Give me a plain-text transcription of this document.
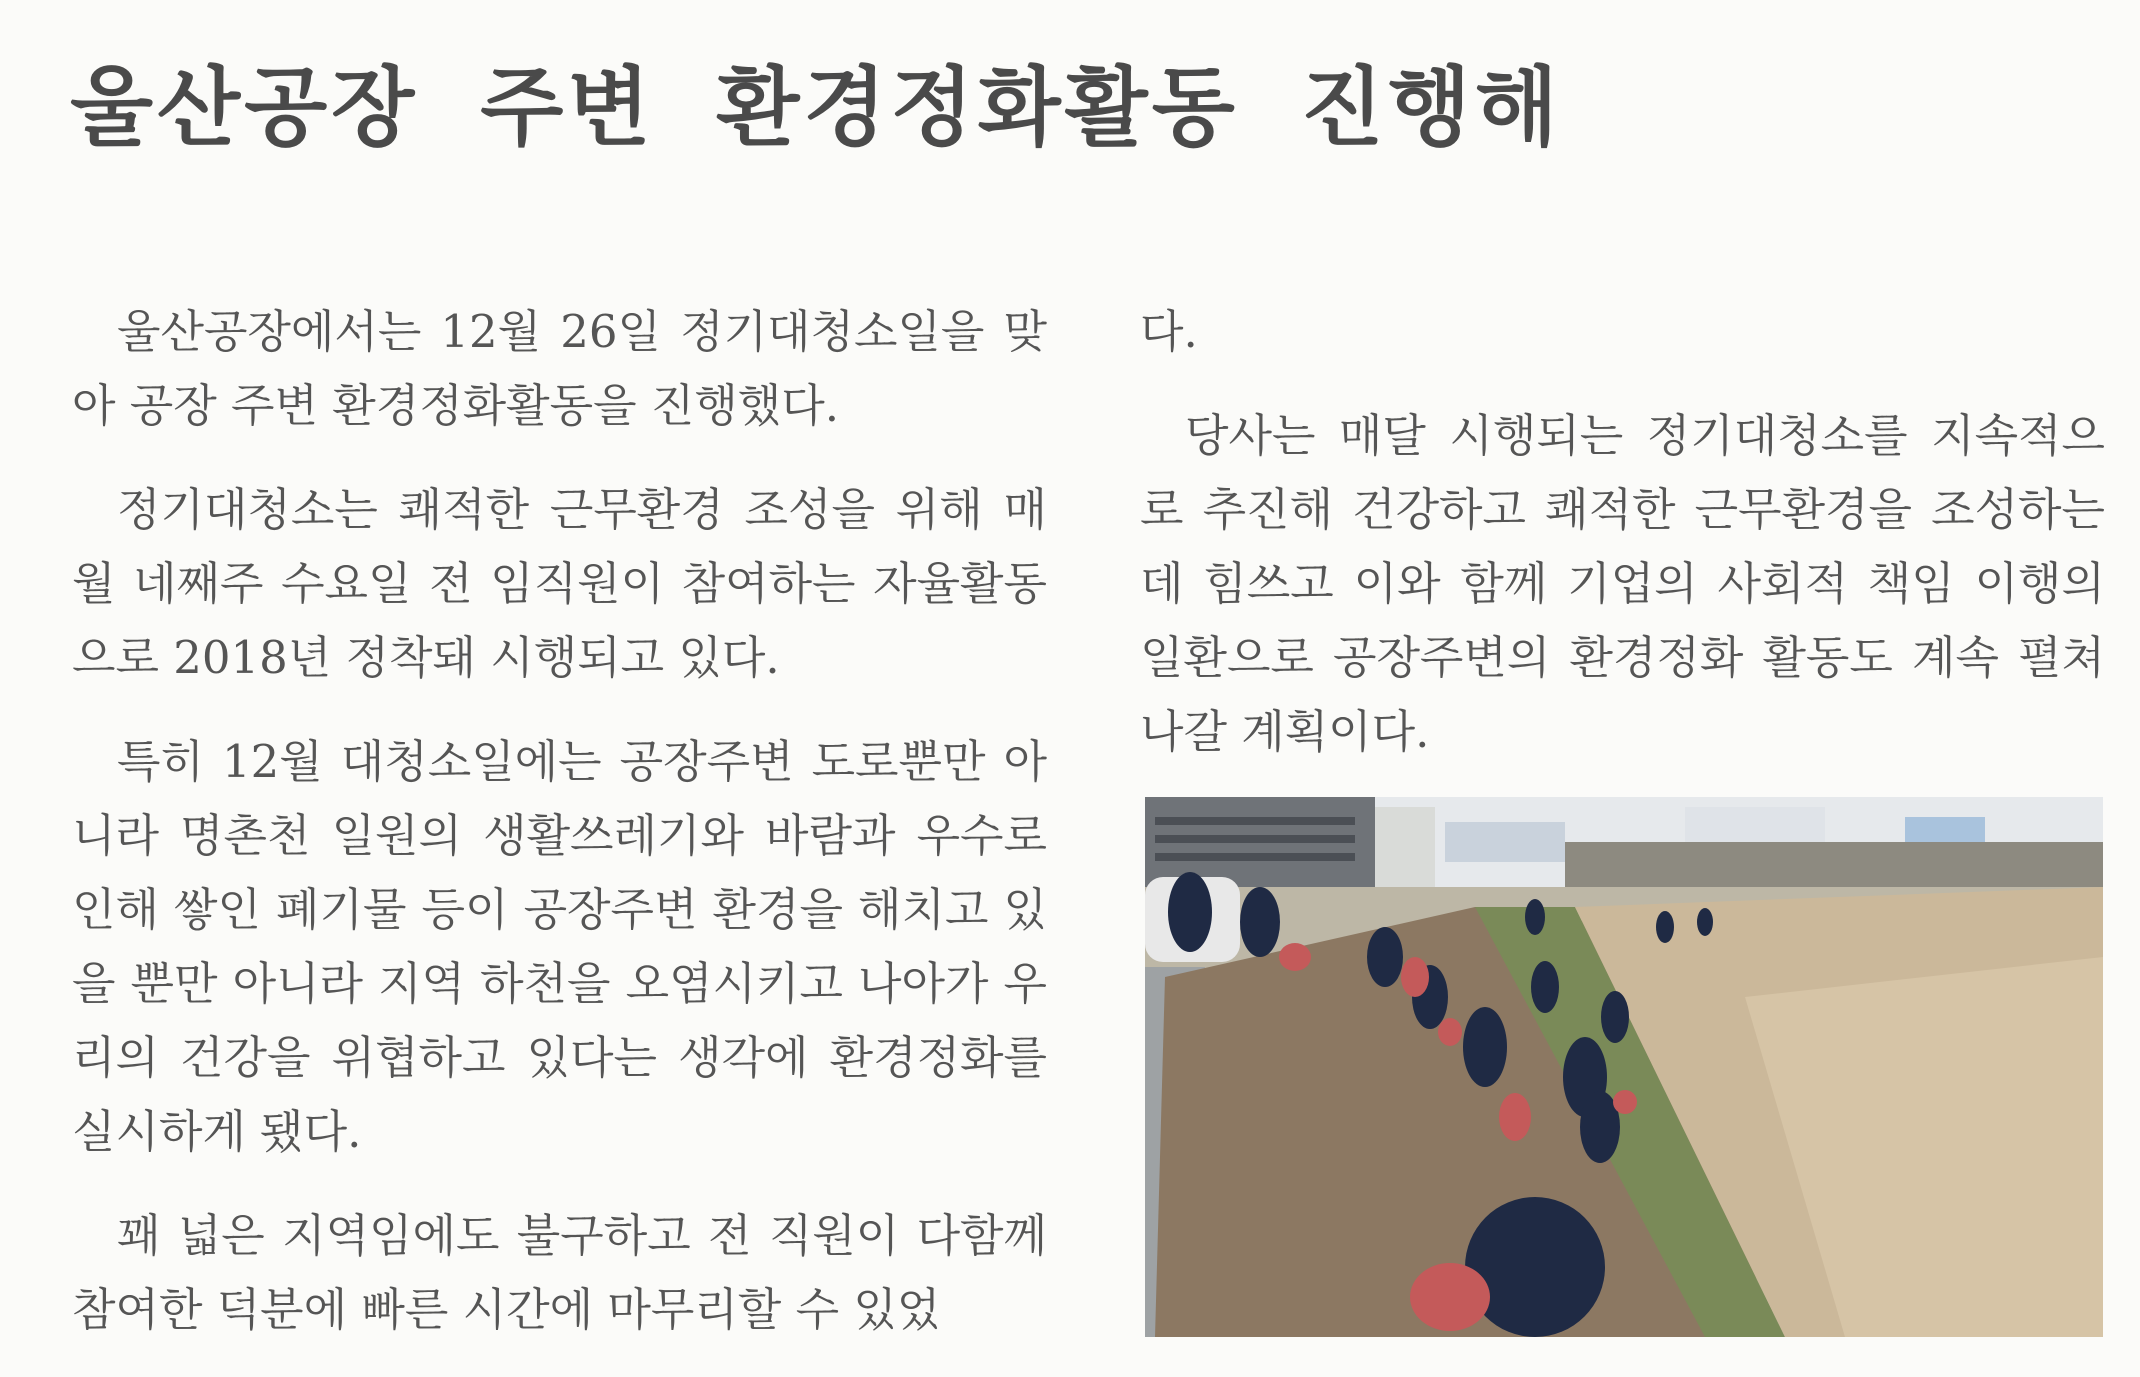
울산공장 주변 환경정화활동 진행해

울산공장에서는 12월 26일 정기대청소일을 맞아 공장 주변 환경정화활동을 진행했다.

정기대청소는 쾌적한 근무환경 조성을 위해 매월 네째주 수요일 전 임직원이 참여하는 자율활동으로 2018년 정착돼 시행되고 있다.

특히 12월 대청소일에는 공장주변 도로뿐만 아니라 명촌천 일원의 생활쓰레기와 바람과 우수로 인해 쌓인 폐기물 등이 공장주변 환경을 해치고 있을 뿐만 아니라 지역 하천을 오염시키고 나아가 우리의 건강을 위협하고 있다는 생각에 환경정화를 실시하게 됐다.

꽤 넓은 지역임에도 불구하고 전 직원이 다함께 참여한 덕분에 빠른 시간에 마무리할 수 있었

다.

당사는 매달 시행되는 정기대청소를 지속적으로 추진해 건강하고 쾌적한 근무환경을 조성하는데 힘쓰고 이와 함께 기업의 사회적 책임 이행의 일환으로 공장주변의 환경정화 활동도 계속 펼쳐나갈 계획이다.
